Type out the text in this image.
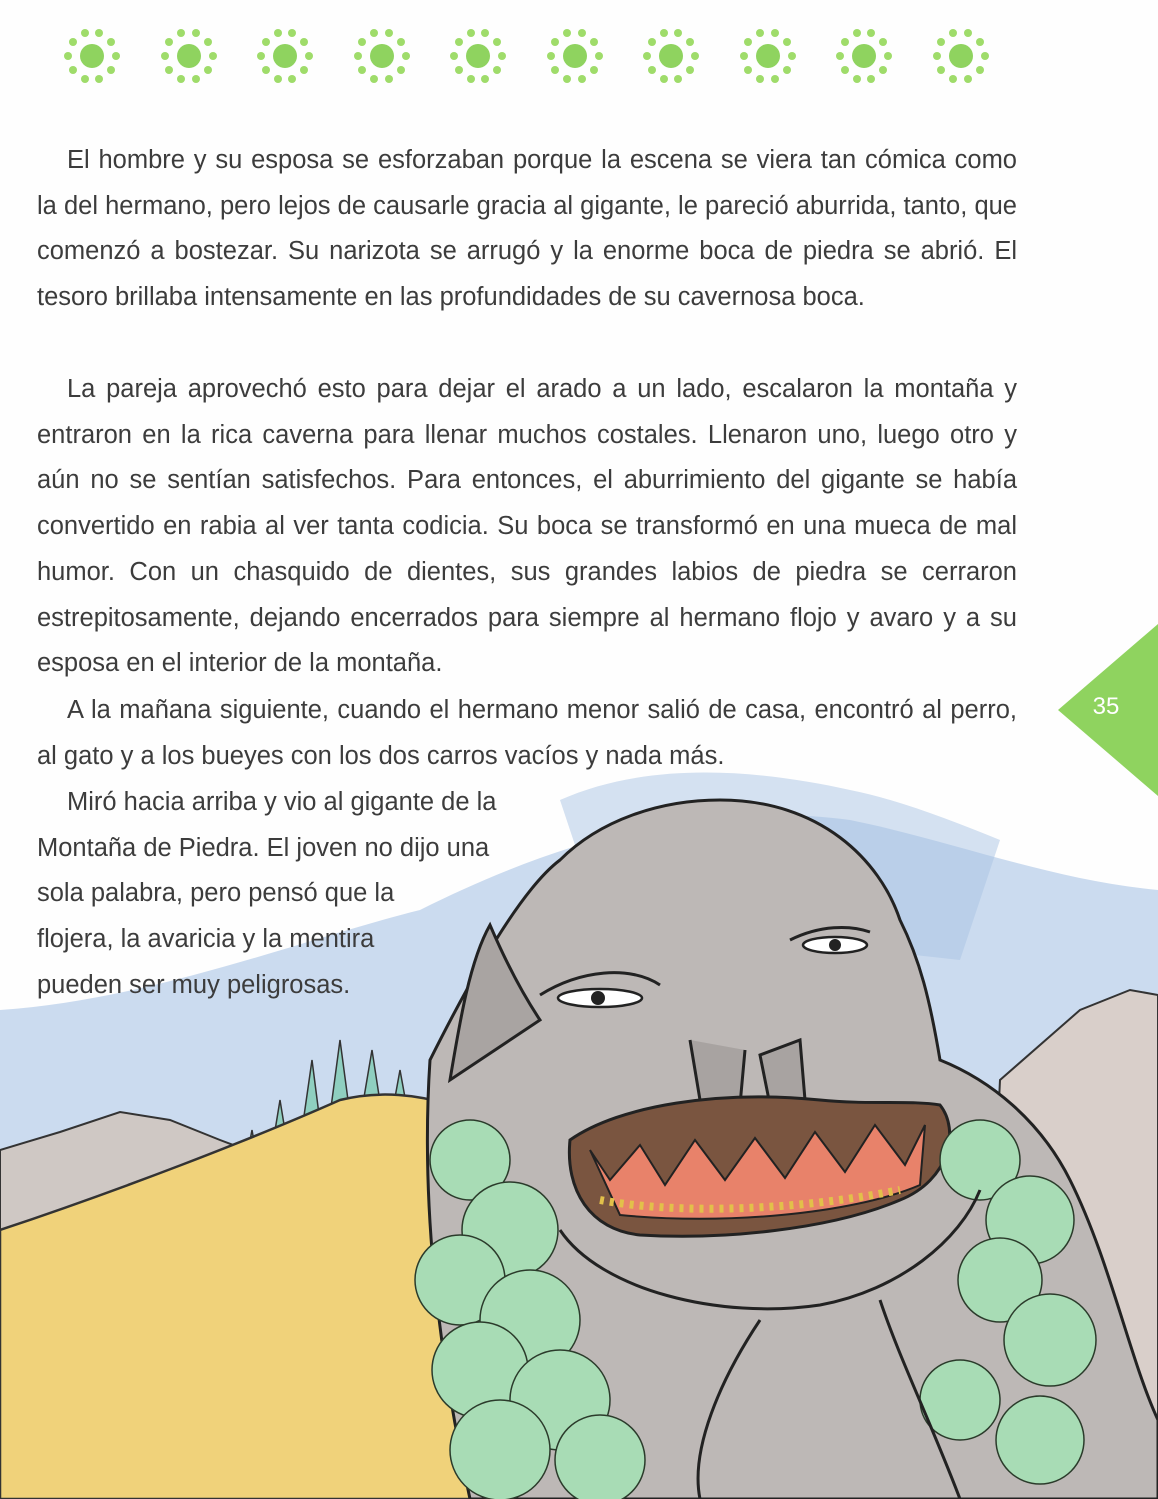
El hombre y su esposa se esforzaban porque la escena se viera tan cómica como la del hermano, pero lejos de causarle gracia al gigante, le pareció aburrida, tanto, que comenzó a bostezar. Su narizota se arrugó y la enorme boca de piedra se abrió. El tesoro brillaba intensamente en las profundidades de su cavernosa boca.

La pareja aprovechó esto para dejar el arado a un lado, escalaron la montaña y entraron en la rica caverna para llenar muchos costales. Llenaron uno, luego otro y aún no se sentían satisfechos. Para entonces, el aburrimiento del gigante se había convertido en rabia al ver tanta codicia. Su boca se transformó en una mueca de mal humor. Con un chasquido de dientes, sus grandes labios de piedra se cerraron estrepitosamente, dejando encerrados para siempre al hermano flojo y avaro y a su esposa en el interior de la montaña.

A la mañana siguiente, cuando el hermano menor salió de casa, encontró al perro, al gato y a los bueyes con los dos carros vacíos y nada más.

Miró hacia arriba y vio al gigante de la

Montaña de Piedra. El joven no dijo una
sola palabra, pero pensó que la
flojera, la avaricia y la mentira
pueden ser muy peligrosas.
35
